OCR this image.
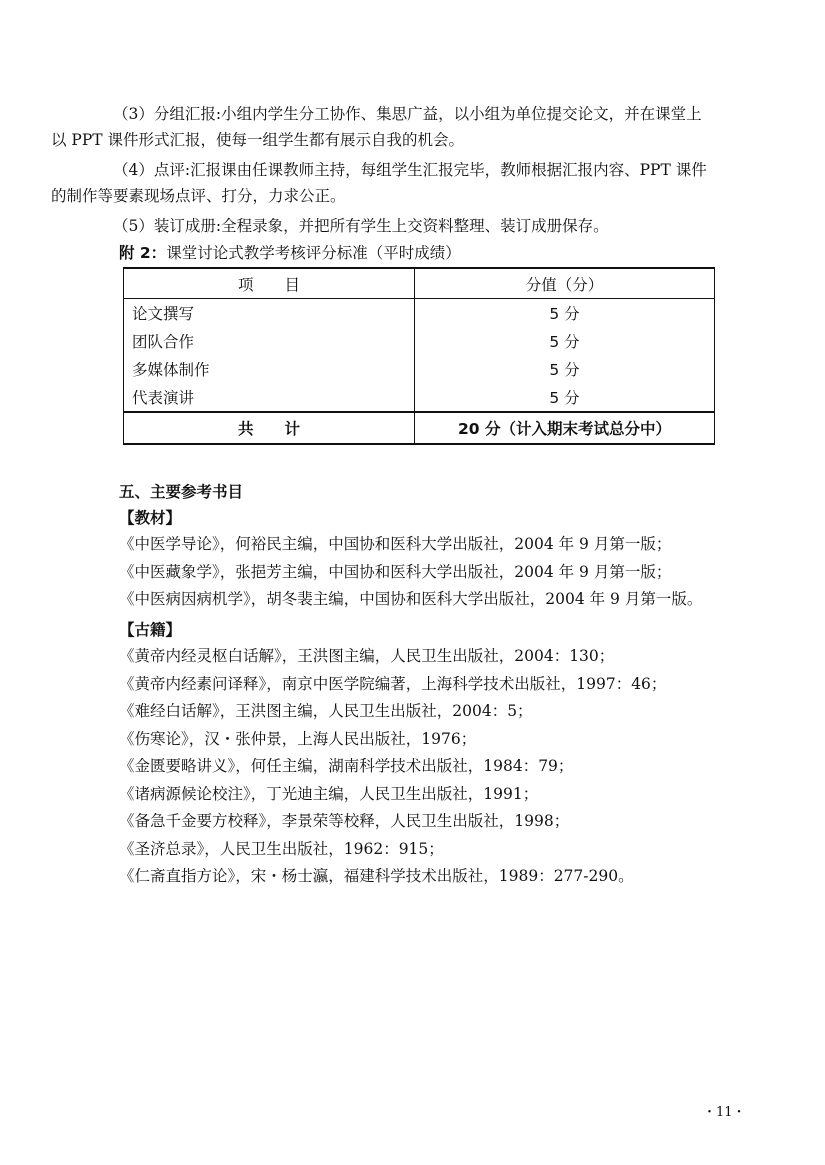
（3）分组汇报:小组内学生分工协作、集思广益，以小组为单位提交论文，并在课堂上
以 PPT 课件形式汇报，使每一组学生都有展示自我的机会。

（4）点评:汇报课由任课教师主持，每组学生汇报完毕，教师根据汇报内容、PPT 课件
的制作等要素现场点评、打分，力求公正。

（5）装订成册:全程录象，并把所有学生上交资料整理、装订成册保存。

附 2：课堂讨论式教学考核评分标准（平时成绩）
项　　目	分值（分）
论文撰写	5 分
团队合作	5 分
多媒体制作	5 分
代表演讲	5 分
共　　计	20 分（计入期末考试总分中）
五、主要参考书目
【教材】
《中医学导论》，何裕民主编，中国协和医科大学出版社，2004 年 9 月第一版；
《中医藏象学》，张挹芳主编，中国协和医科大学出版社，2004 年 9 月第一版；
《中医病因病机学》，胡冬裴主编，中国协和医科大学出版社，2004 年 9 月第一版。
【古籍】
《黄帝内经灵枢白话解》，王洪图主编，人民卫生出版社，2004：130；
《黄帝内经素问译释》，南京中医学院编著，上海科学技术出版社，1997：46；
《难经白话解》，王洪图主编，人民卫生出版社，2004：5；
《伤寒论》，汉・张仲景，上海人民出版社，1976；
《金匮要略讲义》，何任主编，湖南科学技术出版社，1984：79；
《诸病源候论校注》，丁光迪主编，人民卫生出版社，1991；
《备急千金要方校释》，李景荣等校释，人民卫生出版社，1998；
《圣济总录》，人民卫生出版社，1962：915；
《仁斋直指方论》，宋・杨士瀛，福建科学技术出版社，1989：277-290。
・11・
